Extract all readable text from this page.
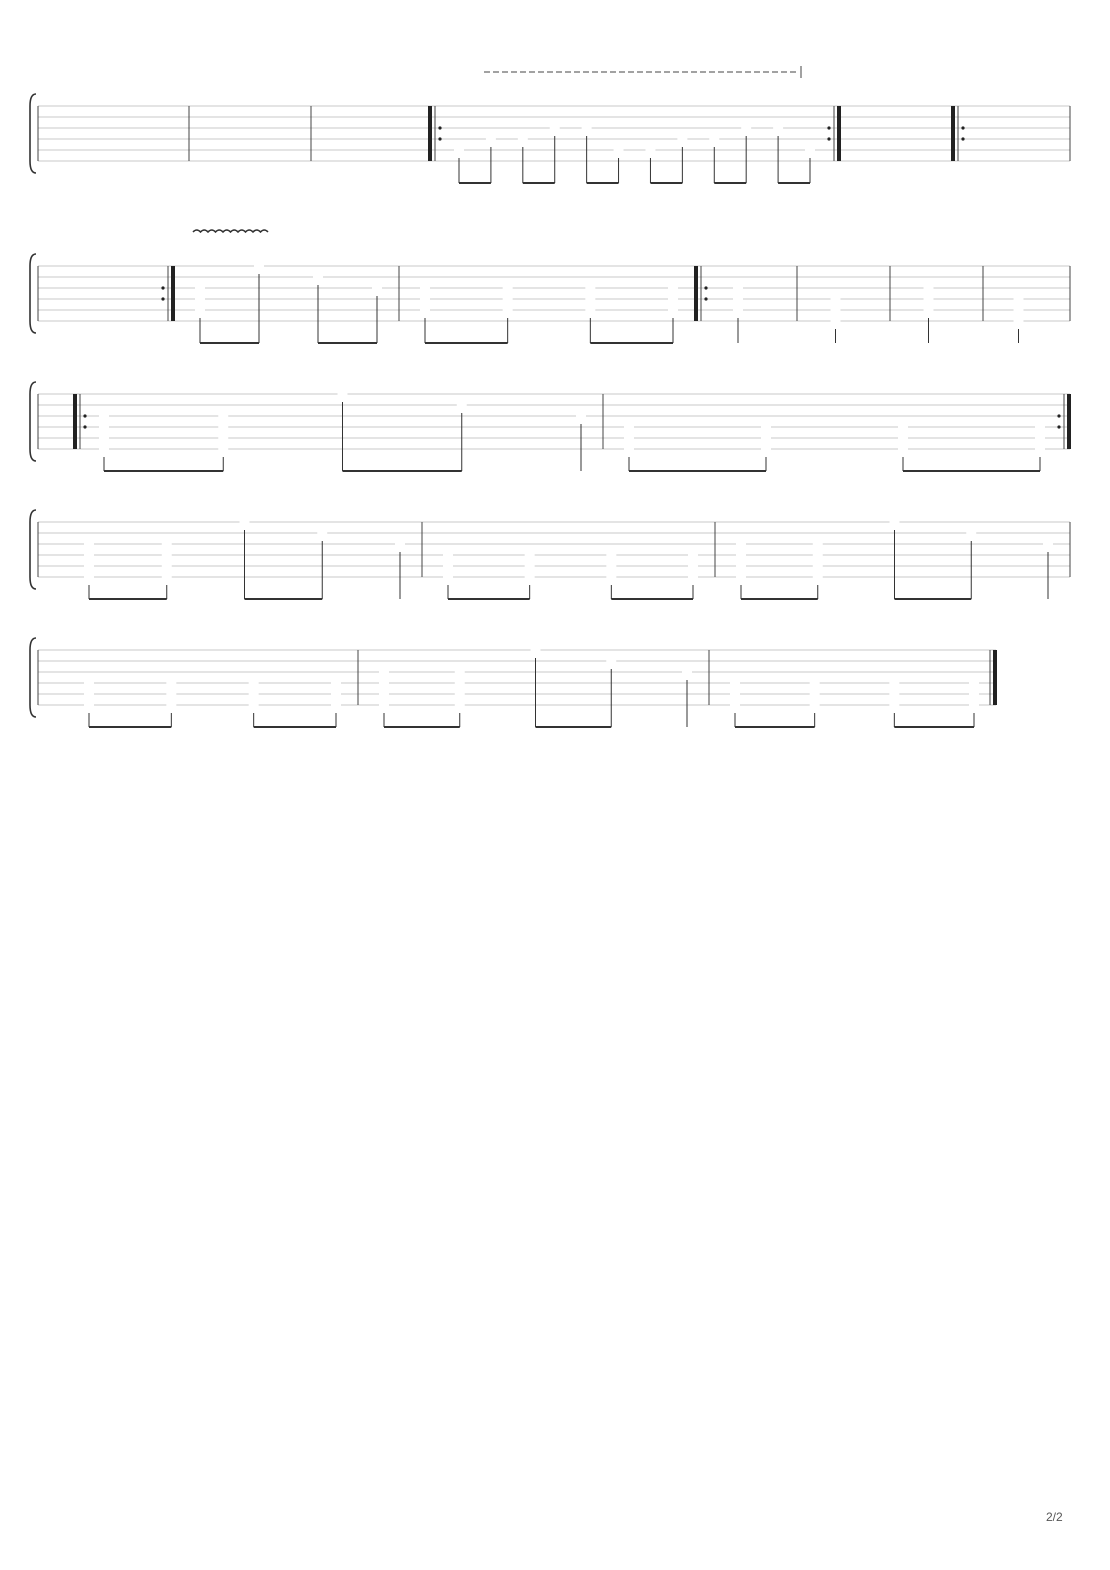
2/2
